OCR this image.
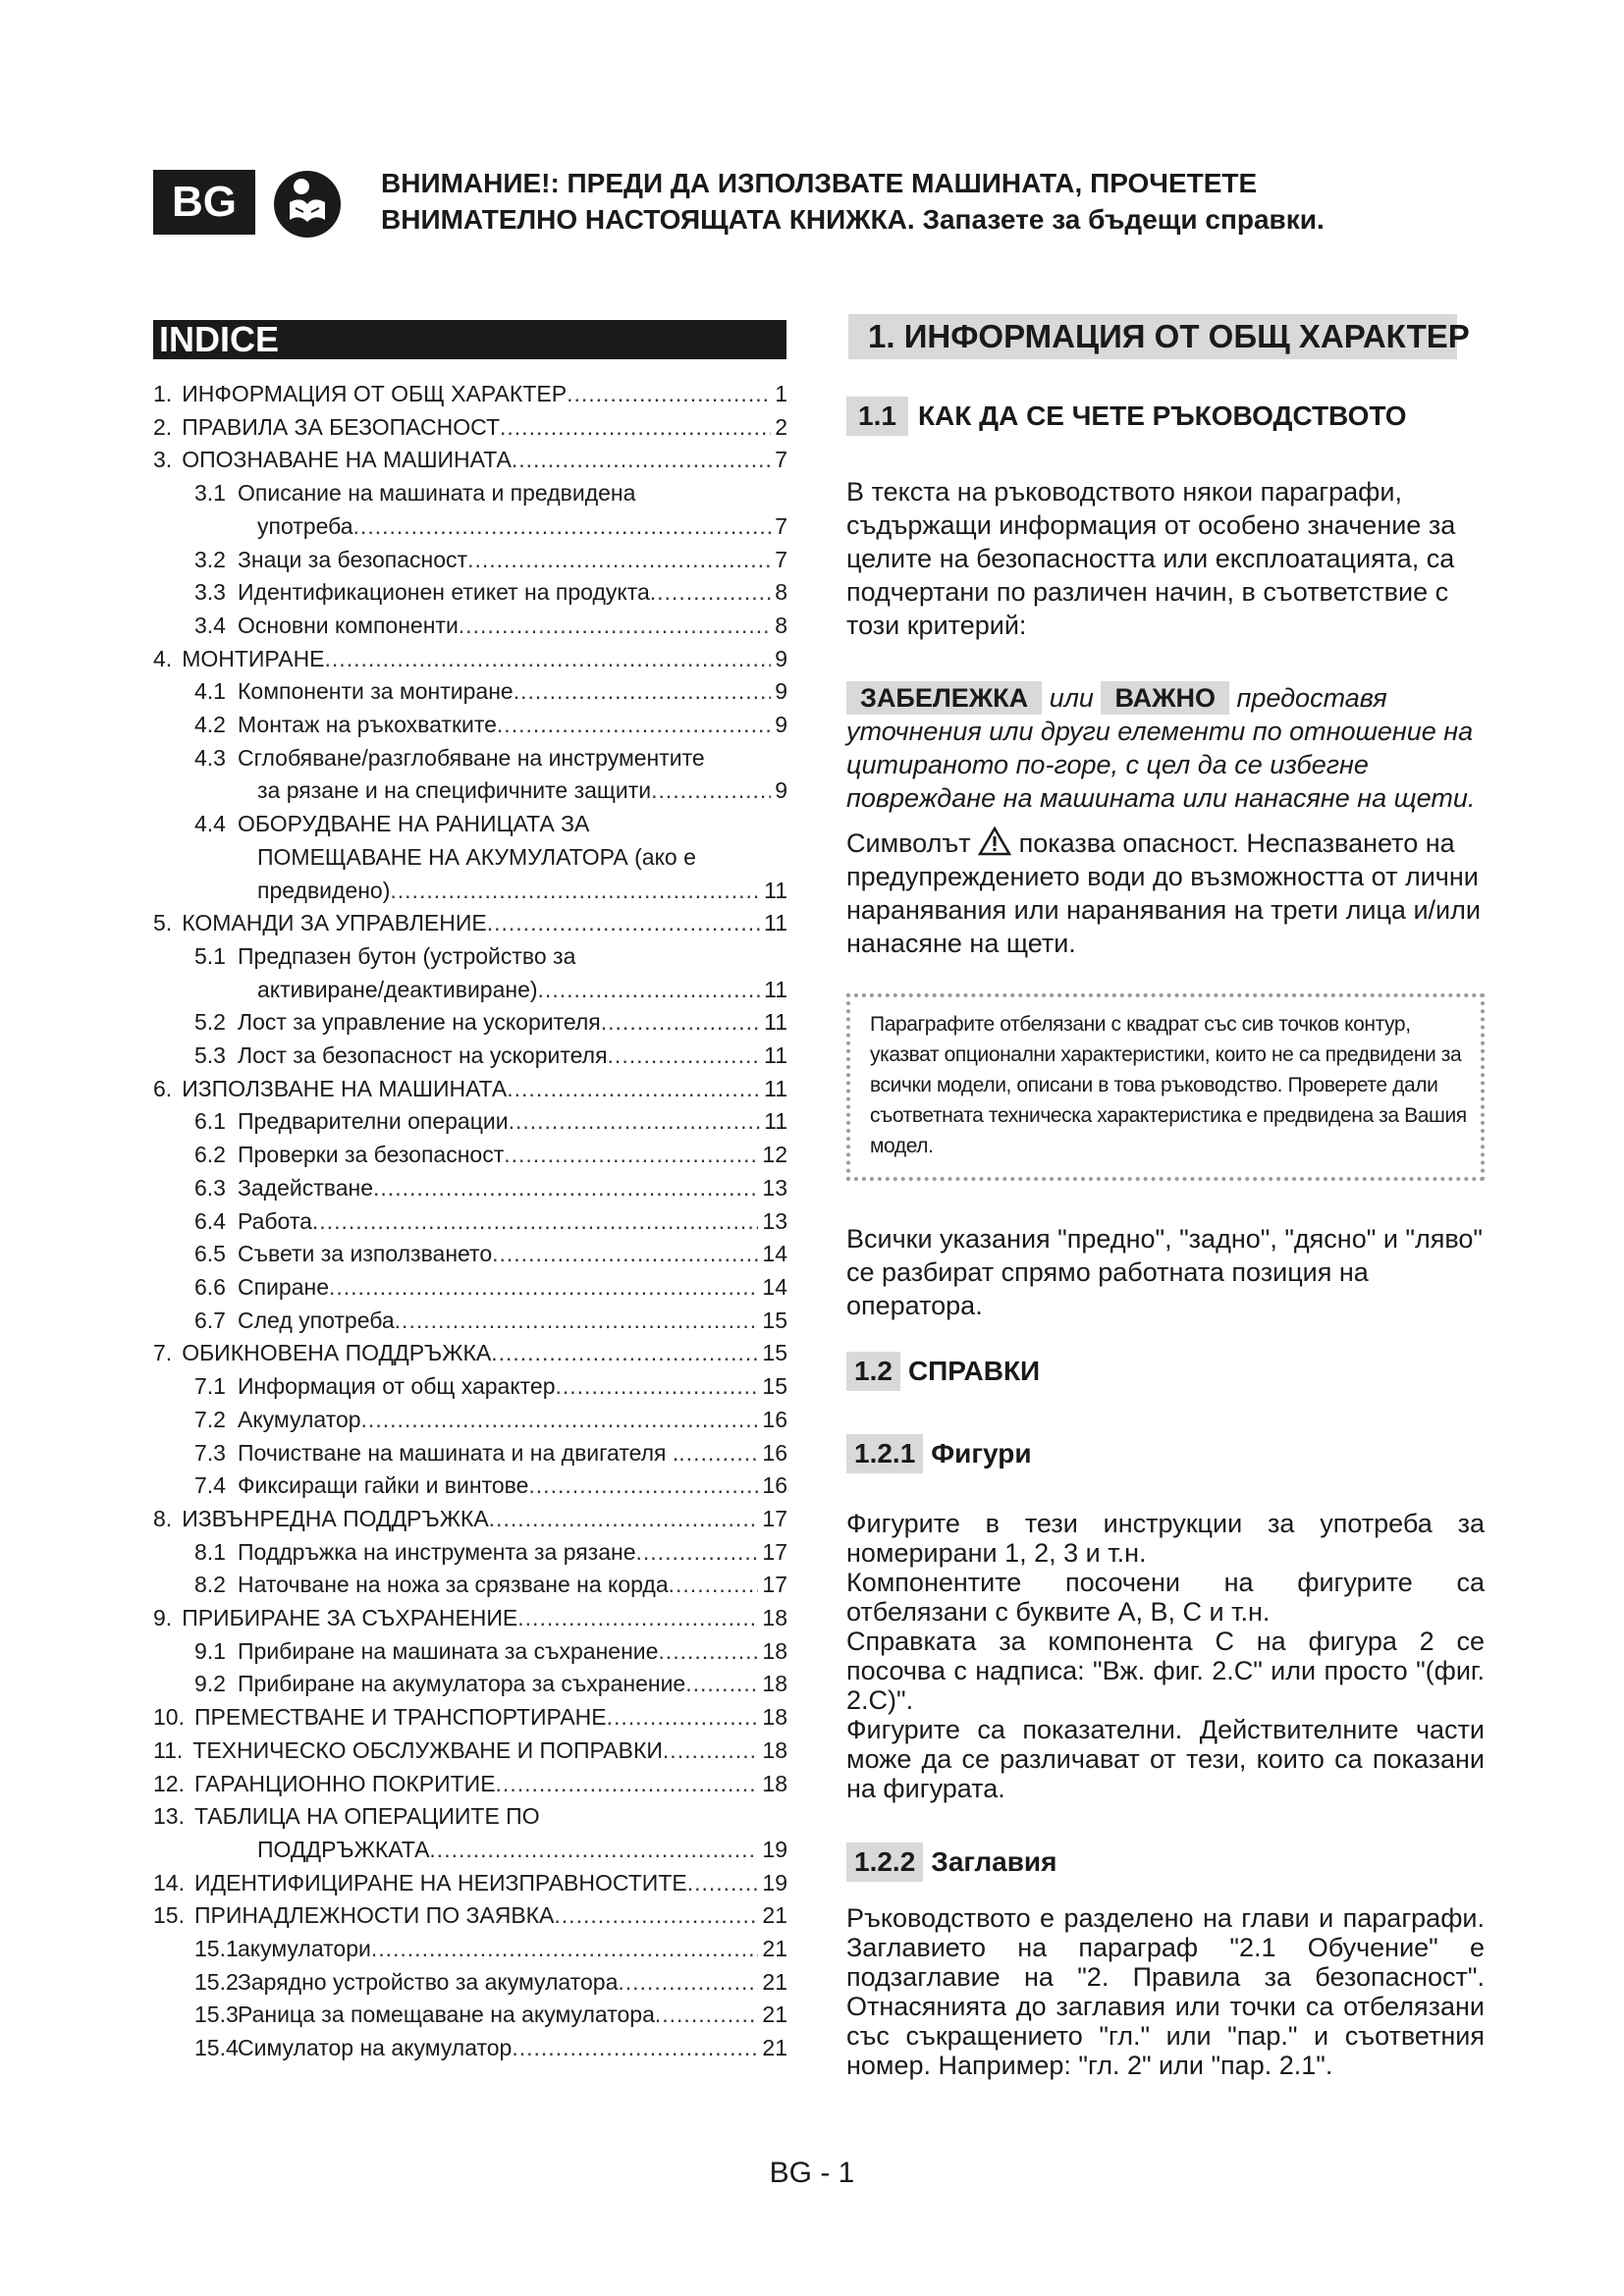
BG	ВНИМАНИЕ!: ПРЕДИ ДА ИЗПОЛЗВАТЕ МАШИНАТА, ПРОЧЕТЕТЕ
ВНИМАТЕЛНО НАСТОЯЩАТА КНИЖКА. Запазете за бъдещи справки.
INDICE
1. ИНФОРМАЦИЯ ОТ ОБЩ ХАРАКТЕР .....	1
2. ПРАВИЛА ЗА БЕЗОПАСНОСТ .....	2
3. ОПОЗНАВАНЕ НА МАШИНАТА .....	7
3.1 Описание на машината и предвидена
употреба .....	7
3.2 Знаци за безопасност .....	7
3.3 Идентификационен етикет на продукта .....	8
3.4 Основни компоненти .....	8
4. МОНТИРАНЕ .....	9
4.1 Компоненти за монтиране .....	9
4.2 Монтаж на ръкохватките .....	9
4.3 Сглобяване/разглобяване на инструментите
за рязане и на специфичните защити .....	9
4.4 ОБОРУДВАНЕ НА РАНИЦАТА ЗА
ПОМЕЩАВАНЕ НА АКУМУЛАТОРА (ако е
предвидено) .....	11
5. КОМАНДИ ЗА УПРАВЛЕНИЕ .....	11
5.1 Предпазен бутон (устройство за
активиране/деактивиране) .....	11
5.2 Лост за управление на ускорителя .....	11
5.3 Лост за безопасност на ускорителя .....	11
6. ИЗПОЛЗВАНЕ НА МАШИНАТА .....	11
6.1 Предварителни операции .....	11
6.2 Проверки за безопасност .....	12
6.3 Задействане .....	13
6.4 Работа .....	13
6.5 Съвети за използването .....	14
6.6 Спиране .....	14
6.7 След употреба .....	15
7. ОБИКНОВЕНА ПОДДРЪЖКА .....	15
7.1 Информация от общ характер .....	15
7.2 Акумулатор .....	16
7.3 Почистване на машината и на двигателя . .....	16
7.4 Фиксиращи гайки и винтове .....	16
8. ИЗВЪНРЕДНА ПОДДРЪЖКА .....	17
8.1 Поддръжка на инструмента за рязане .....	17
8.2 Наточване на ножа за срязване на корда .....	17
9. ПРИБИРАНЕ ЗА СЪХРАНЕНИЕ .....	18
9.1 Прибиране на машината за съхранение .....	18
9.2 Прибиране на акумулатора за съхранение .....	18
10. ПРЕМЕСТВАНЕ И ТРАНСПОРТИРАНЕ .....	18
11. ТЕХНИЧЕСКО ОБСЛУЖВАНЕ И ПОПРАВКИ .....	18
12. ГАРАНЦИОННО ПОКРИТИЕ .....	18
13. ТАБЛИЦА НА ОПЕРАЦИИТЕ ПО
ПОДДРЪЖКАТА .....	19
14. ИДЕНТИФИЦИРАНЕ НА НЕИЗПРАВНОСТИТЕ .....	19
15. ПРИНАДЛЕЖНОСТИ ПО ЗАЯВКА .....	21
15.1 акумулатори .....	21
15.2 Зарядно устройство за акумулатора .....	21
15.3 Раница за помещаване на акумулатора .....	21
15.4 Симулатор на акумулатор .....	21
1. ИНФОРМАЦИЯ ОТ ОБЩ ХАРАКТЕР
1.1 КАК ДА СЕ ЧЕТЕ РЪКОВОДСТВОТО
В текста на ръководството някои параграфи, съдържащи информация от особено значение за целите на безопасността или експлоатацията, са подчертани по различен начин, в съответствие с този критерий:
ЗАБЕЛЕЖКА или ВАЖНО предоставя уточнения или други елементи по отношение на цитираното по-горе, с цел да се избегне повреждане на машината или нанасяне на щети.
Символът показва опасност. Неспазването на предупреждението води до възможността от лични наранявания или наранявания на трети лица и/или нанасяне на щети.
Параграфите отбелязани с квадрат със сив точков контур, указват опционални характеристики, които не са предвидени за всички модели, описани в това ръководство. Проверете дали съответната техническа характеристика е предвидена за Вашия модел.
Всички указания "предно", "задно", "дясно" и "ляво" се разбират спрямо работната позиция на оператора.
1.2 СПРАВКИ
1.2.1 Фигури
Фигурите в тези инструкции за употреба за номерирани 1, 2, 3 и т.н.
Компонентите посочени на фигурите са отбелязани с буквите A, B, C и т.н.
Справката за компонента C на фигура 2 се посочва с надписа: "Вж. фиг. 2.C" или просто "(фиг. 2.C)".
Фигурите са показателни. Действителните части може да се различават от тези, които са показани на фигурата.
1.2.2 Заглавия
Ръководството е разделено на глави и параграфи. Заглавието на параграф "2.1 Обучение" е подзаглавие на "2. Правила за безопасност". Отнасянията до заглавия или точки са отбелязани със съкращението "гл." или "пар." и съответния номер. Например: "гл. 2" или "пар. 2.1".
BG - 1
